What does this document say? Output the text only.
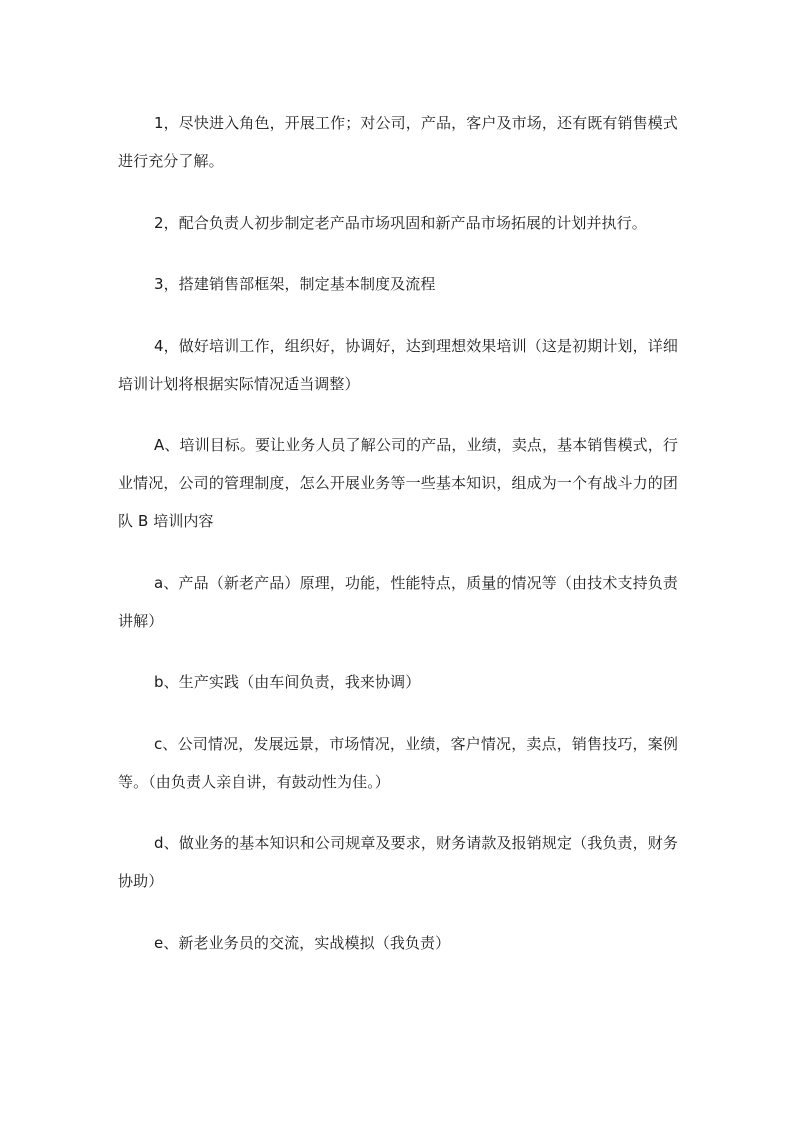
1，尽快进入角色，开展工作；对公司，产品，客户及市场，还有既有销售模式进行充分了解。

2，配合负责人初步制定老产品市场巩固和新产品市场拓展的计划并执行。

3，搭建销售部框架，制定基本制度及流程

4，做好培训工作，组织好，协调好，达到理想效果培训（这是初期计划，详细培训计划将根据实际情况适当调整）

A、培训目标。要让业务人员了解公司的产品，业绩，卖点，基本销售模式，行业情况，公司的管理制度，怎么开展业务等一些基本知识，组成为一个有战斗力的团队 B 培训内容

a、产品（新老产品）原理，功能，性能特点，质量的情况等（由技术支持负责讲解）

b、生产实践（由车间负责，我来协调）

c、公司情况，发展远景，市场情况，业绩，客户情况，卖点，销售技巧，案例等。（由负责人亲自讲，有鼓动性为佳。）

d、做业务的基本知识和公司规章及要求，财务请款及报销规定（我负责，财务协助）

e、新老业务员的交流，实战模拟（我负责）
